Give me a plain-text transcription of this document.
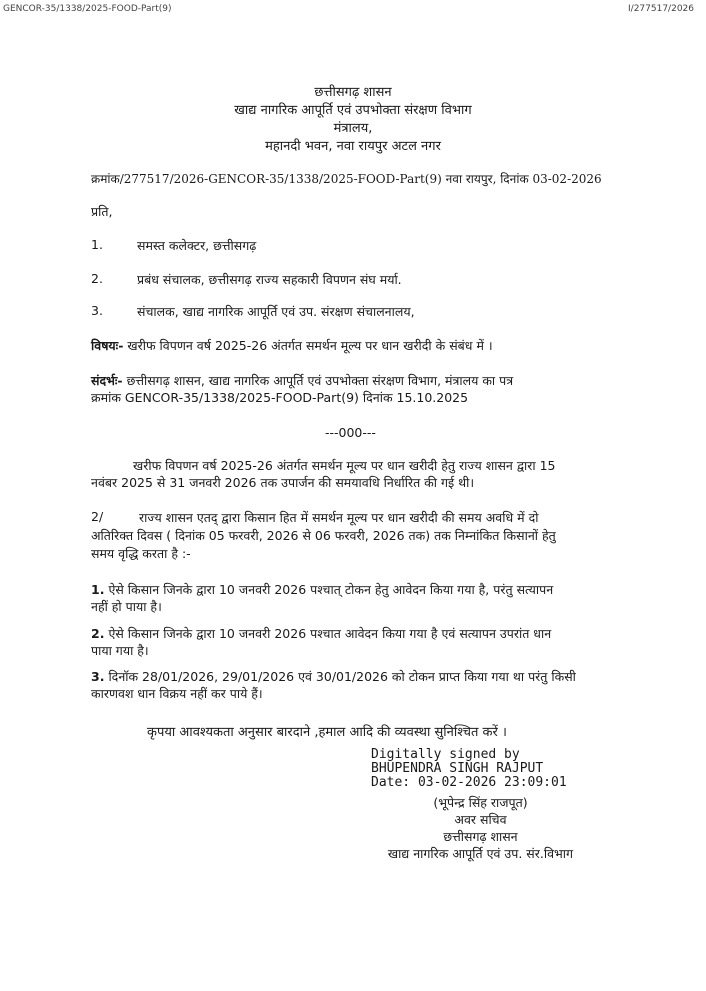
GENCOR-35/1338/2025-FOOD-Part(9)	I/277517/2026
छत्तीसगढ़ शासन
खाद्य नागरिक आपूर्ति एवं उपभोक्ता संरक्षण विभाग
मंत्रालय,
महानदी भवन, नवा रायपुर अटल नगर
क्रमांक/277517/2026-GENCOR-35/1338/2025-FOOD-Part(9) नवा रायपुर, दिनांक 03-02-2026
प्रति,
1.	समस्त कलेक्टर, छत्तीसगढ़
2.	प्रबंध संचालक, छत्तीसगढ़ राज्य सहकारी विपणन संघ मर्या.
3.	संचालक, खाद्य नागरिक आपूर्ति एवं उप. संरक्षण संचालनालय,
विषयः- खरीफ विपणन वर्ष 2025-26 अंतर्गत समर्थन मूल्य पर धान खरीदी के संबंध में ।
संदर्भः- छत्तीसगढ़ शासन, खाद्य नागरिक आपूर्ति एवं उपभोक्ता संरक्षण विभाग, मंत्रालय का पत्र
क्रमांक GENCOR-35/1338/2025-FOOD-Part(9) दिनांक 15.10.2025
---000---
खरीफ विपणन वर्ष 2025-26 अंतर्गत समर्थन मूल्य पर धान खरीदी हेतु राज्य शासन द्वारा 15
नवंबर 2025 से 31 जनवरी 2026 तक उपार्जन की समयावधि निर्धारित की गई थी।
2/	राज्य शासन एतद् द्वारा किसान हित में समर्थन मूल्य पर धान खरीदी की समय अवधि में दो
अतिरिक्त दिवस ( दिनांक 05 फरवरी, 2026 से 06 फरवरी, 2026 तक) तक निम्नांकित किसानों हेतु
समय वृद्धि करता है :-
1. ऐसे किसान जिनके द्वारा 10 जनवरी 2026 पश्चात् टोकन हेतु आवेदन किया गया है, परंतु सत्यापन
नहीं हो पाया है।
2. ऐसे किसान जिनके द्वारा 10 जनवरी 2026 पश्चात आवेदन किया गया है एवं सत्यापन उपरांत धान
पाया गया है।
3. दिनॉक 28/01/2026, 29/01/2026 एवं 30/01/2026 को टोकन प्राप्त किया गया था परंतु किसी
कारणवश धान विक्रय नहीं कर पाये हैं।
कृपया आवश्यकता अनुसार बारदाने ,हमाल आदि की व्यवस्था सुनिश्चित करें ।
Digitally signed by
BHUPENDRA SINGH RAJPUT
Date: 03-02-2026 23:09:01
(भूपेन्द्र सिंह राजपूत)
अवर सचिव
छत्तीसगढ़ शासन
खाद्य नागरिक आपूर्ति एवं उप. संर.विभाग
